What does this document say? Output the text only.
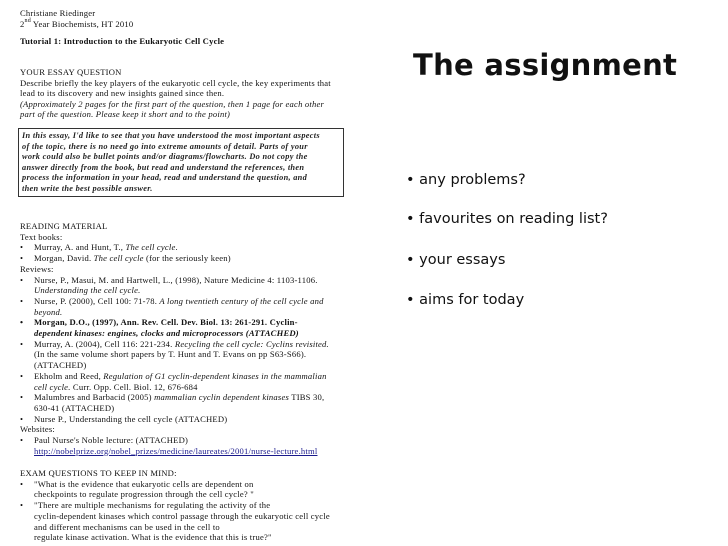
Christiane Riedinger
2nd Year Biochemists, HT 2010
Tutorial 1: Introduction to the Eukaryotic Cell Cycle
YOUR ESSAY QUESTION
Describe briefly the key players of the eukaryotic cell cycle, the key experiments that
lead to its discovery and new insights gained since then.
(Approximately 2 pages for the first part of the question, then 1 page for each other
part of the question. Please keep it short and to the point)
In this essay, I'd like to see that you have understood the most important aspects
of the topic, there is no need go into extreme amounts of detail. Parts of your
work could also be bullet points and/or diagrams/flowcharts. Do not copy the
answer directly from the book, but read and understand the references, then
process the information in your head, read and understand the question, and
then write the best possible answer.
READING MATERIAL
Text books:
• Murray, A. and Hunt, T., The cell cycle.
• Morgan, David. The cell cycle (for the seriously keen)
Reviews:
• Nurse, P., Masui, M. and Hartwell, L., (1998), Nature Medicine 4: 1103-1106.
Understanding the cell cycle.
• Nurse, P. (2000), Cell 100: 71-78. A long twentieth century of the cell cycle and
beyond.
• Morgan, D.O., (1997), Ann. Rev. Cell. Dev. Biol. 13: 261-291. Cyclin-
dependent kinases: engines, clocks and microprocessors (ATTACHED)
• Murray, A. (2004), Cell 116: 221-234. Recycling the cell cycle: Cyclins revisited.
(In the same volume short papers by T. Hunt and T. Evans on pp S63-S66).
(ATTACHED)
• Ekholm and Reed, Regulation of G1 cyclin-dependent kinases in the mammalian
cell cycle. Curr. Opp. Cell. Biol. 12, 676-684
• Malumbres and Barbacid (2005) mammalian cyclin dependent kinases TIBS 30,
630-41 (ATTACHED)
• Nurse P., Understanding the cell cycle (ATTACHED)
Websites:
• Paul Nurse's Noble lecture: (ATTACHED)
http://nobelprize.org/nobel_prizes/medicine/laureates/2001/nurse-lecture.html
EXAM QUESTIONS TO KEEP IN MIND:
• "What is the evidence that eukaryotic cells are dependent on
checkpoints to regulate progression through the cell cycle? "
• "There are multiple mechanisms for regulating the activity of the
cyclin-dependent kinases which control passage through the eukaryotic cell cycle
and different mechanisms can be used in the cell to
regulate kinase activation. What is the evidence that this is true?"
The assignment
• any problems?
• favourites on reading list?
• your essays
• aims for today
